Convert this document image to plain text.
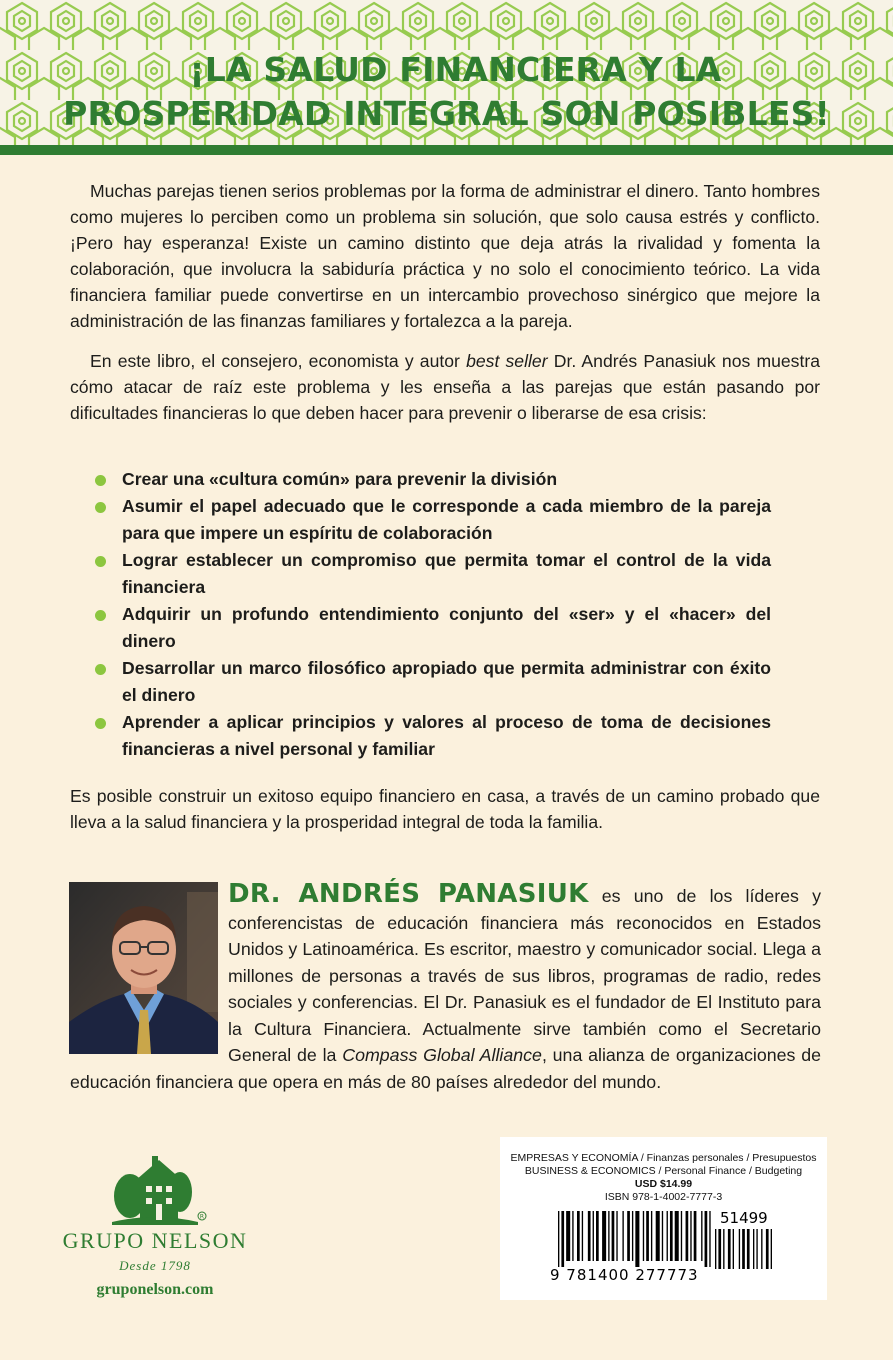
¡LA SALUD FINANCIERA Y LA
PROSPERIDAD INTEGRAL SON POSIBLES!

Muchas parejas tienen serios problemas por la forma de administrar el dinero. Tanto hombres como mujeres lo perciben como un problema sin solución, que solo causa estrés y conflicto. ¡Pero hay esperanza! Existe un camino distinto que deja atrás la rivalidad y fomenta la colaboración, que involucra la sabiduría práctica y no solo el conocimiento teórico. La vida financiera familiar puede convertirse en un intercambio provechoso sinérgico que mejore la administración de las finanzas familiares y fortalezca a la pareja.

En este libro, el consejero, economista y autor best seller Dr. Andrés Panasiuk nos muestra cómo atacar de raíz este problema y les enseña a las parejas que están pasando por dificultades financieras lo que deben hacer para prevenir o liberarse de esa crisis:

Crear una «cultura común» para prevenir la división
Asumir el papel adecuado que le corresponde a cada miembro de la pareja para que impere un espíritu de colaboración
Lograr establecer un compromiso que permita tomar el control de la vida financiera
Adquirir un profundo entendimiento conjunto del «ser» y el «hacer» del dinero
Desarrollar un marco filosófico apropiado que permita administrar con éxito el dinero
Aprender a aplicar principios y valores al proceso de toma de decisiones financieras a nivel personal y familiar

Es posible construir un exitoso equipo financiero en casa, a través de un camino probado que lleva a la salud financiera y la prosperidad integral de toda la familia.

DR. ANDRÉS PANASIUK es uno de los líderes y conferencistas de educación financiera más reconocidos en Estados Unidos y Latinoamérica. Es escritor, maestro y comunicador social. Llega a millones de personas a través de sus libros, programas de radio, redes sociales y conferencias. El Dr. Panasiuk es el fundador de El Instituto para la Cultura Financiera. Actualmente sirve también como el Secretario General de la Compass Global Alliance, una alianza de organizaciones de educación financiera que opera en más de 80 países alrededor del mundo.

R
GRUPO NELSON
Desde 1798
gruponelson.com
EMPRESAS Y ECONOMÍA / Finanzas personales / Presupuestos
BUSINESS & ECONOMICS / Personal Finance / Budgeting
USD $14.99
ISBN 978-1-4002-7777-3
51499
9 781400 277773
